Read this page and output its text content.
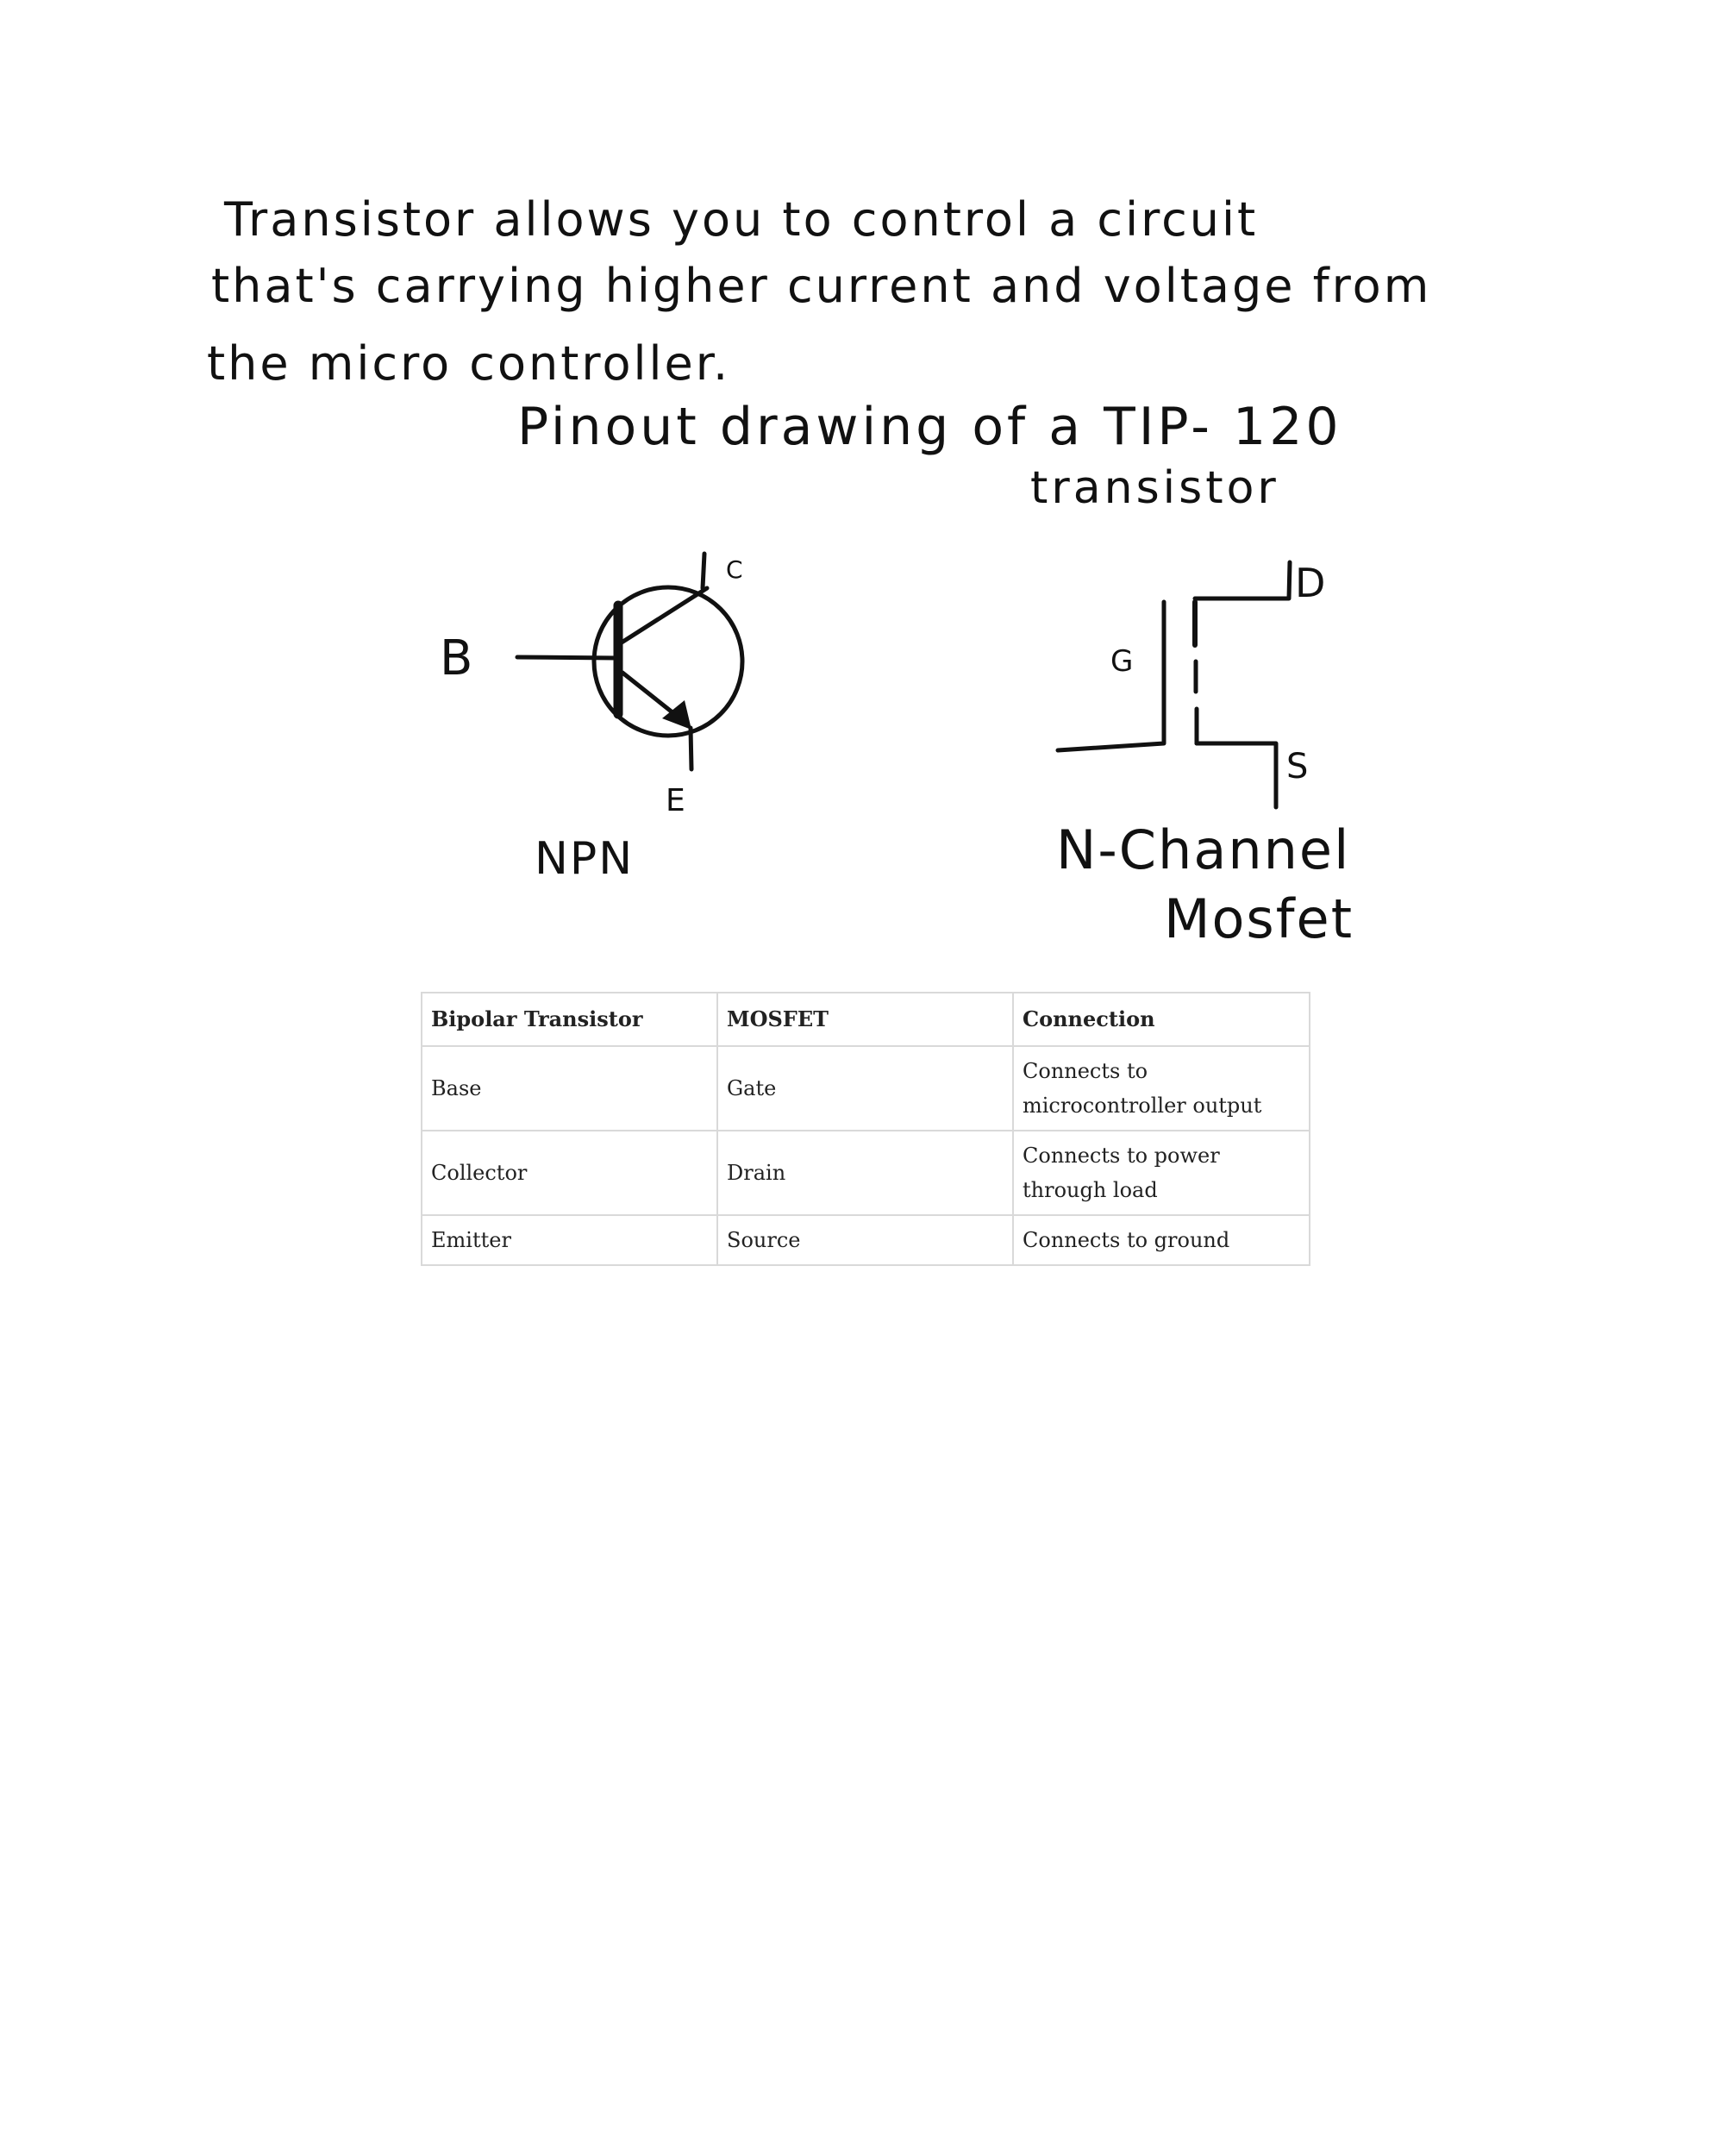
Transistor allows you to control a circuit

that's carrying higher current and voltage from

the micro controller.

Pinout drawing of a TIP- 120

transistor

B
C
E

NPN

G
D
S

N-Channel

Mosfet

Bipolar Transistor	MOSFET	Connection
Base	Gate	Connects to microcontroller output
Collector	Drain	Connects to power through load
Emitter	Source	Connects to ground
